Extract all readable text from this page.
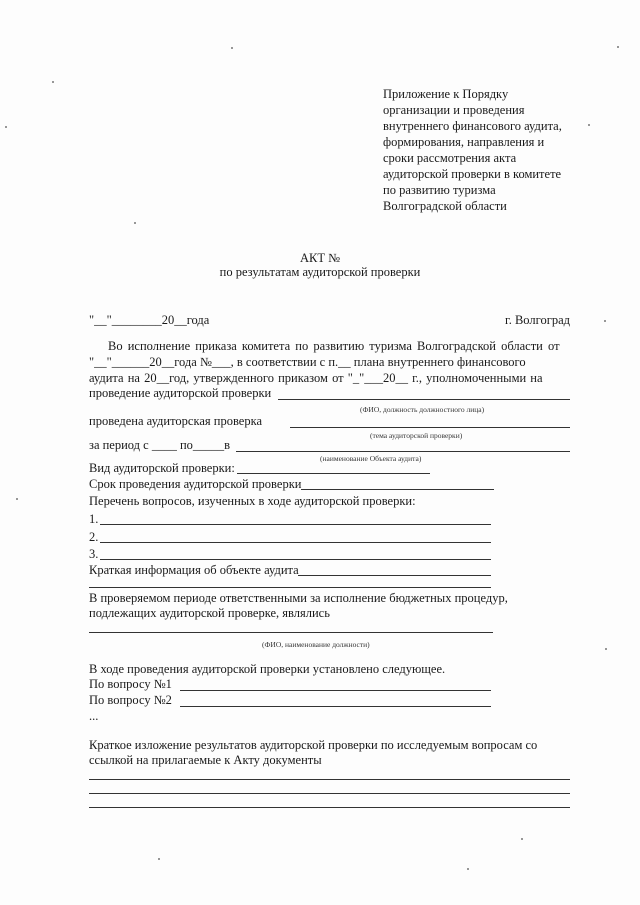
Приложение к Порядку
организации и проведения
внутреннего финансового аудита,
формирования, направления и
сроки рассмотрения акта
аудиторской проверки в комитете
по развитию туризма
Волгоградской области
АКТ №
по результатам аудиторской проверки
"__"________20__года	г. Волгоград
Во исполнение приказа комитета по развитию туризма Волгоградской области от
"__"______20__года №___, в соответствии с п.__ плана внутреннего финансового
аудита на 20__год, утвержденного приказом от "_"___20__ г., уполномоченными на
проведение аудиторской проверки
(ФИО, должность должностного лица)
проведена аудиторская проверка
(тема аудиторской проверки)
за период с ____ по_____в
(наименование Объекта аудита)
Вид аудиторской проверки:
Срок проведения аудиторской проверки
Перечень вопросов, изученных в ходе аудиторской проверки:
1.
2.
3.
Краткая информация об объекте аудита
В проверяемом периоде ответственными за исполнение бюджетных процедур,
подлежащих аудиторской проверке, являлись
(ФИО, наименование должности)
В ходе проведения аудиторской проверки установлено следующее.
По вопросу №1
По вопросу №2
...
Краткое изложение результатов аудиторской проверки по исследуемым вопросам со
ссылкой на прилагаемые к Акту документы
